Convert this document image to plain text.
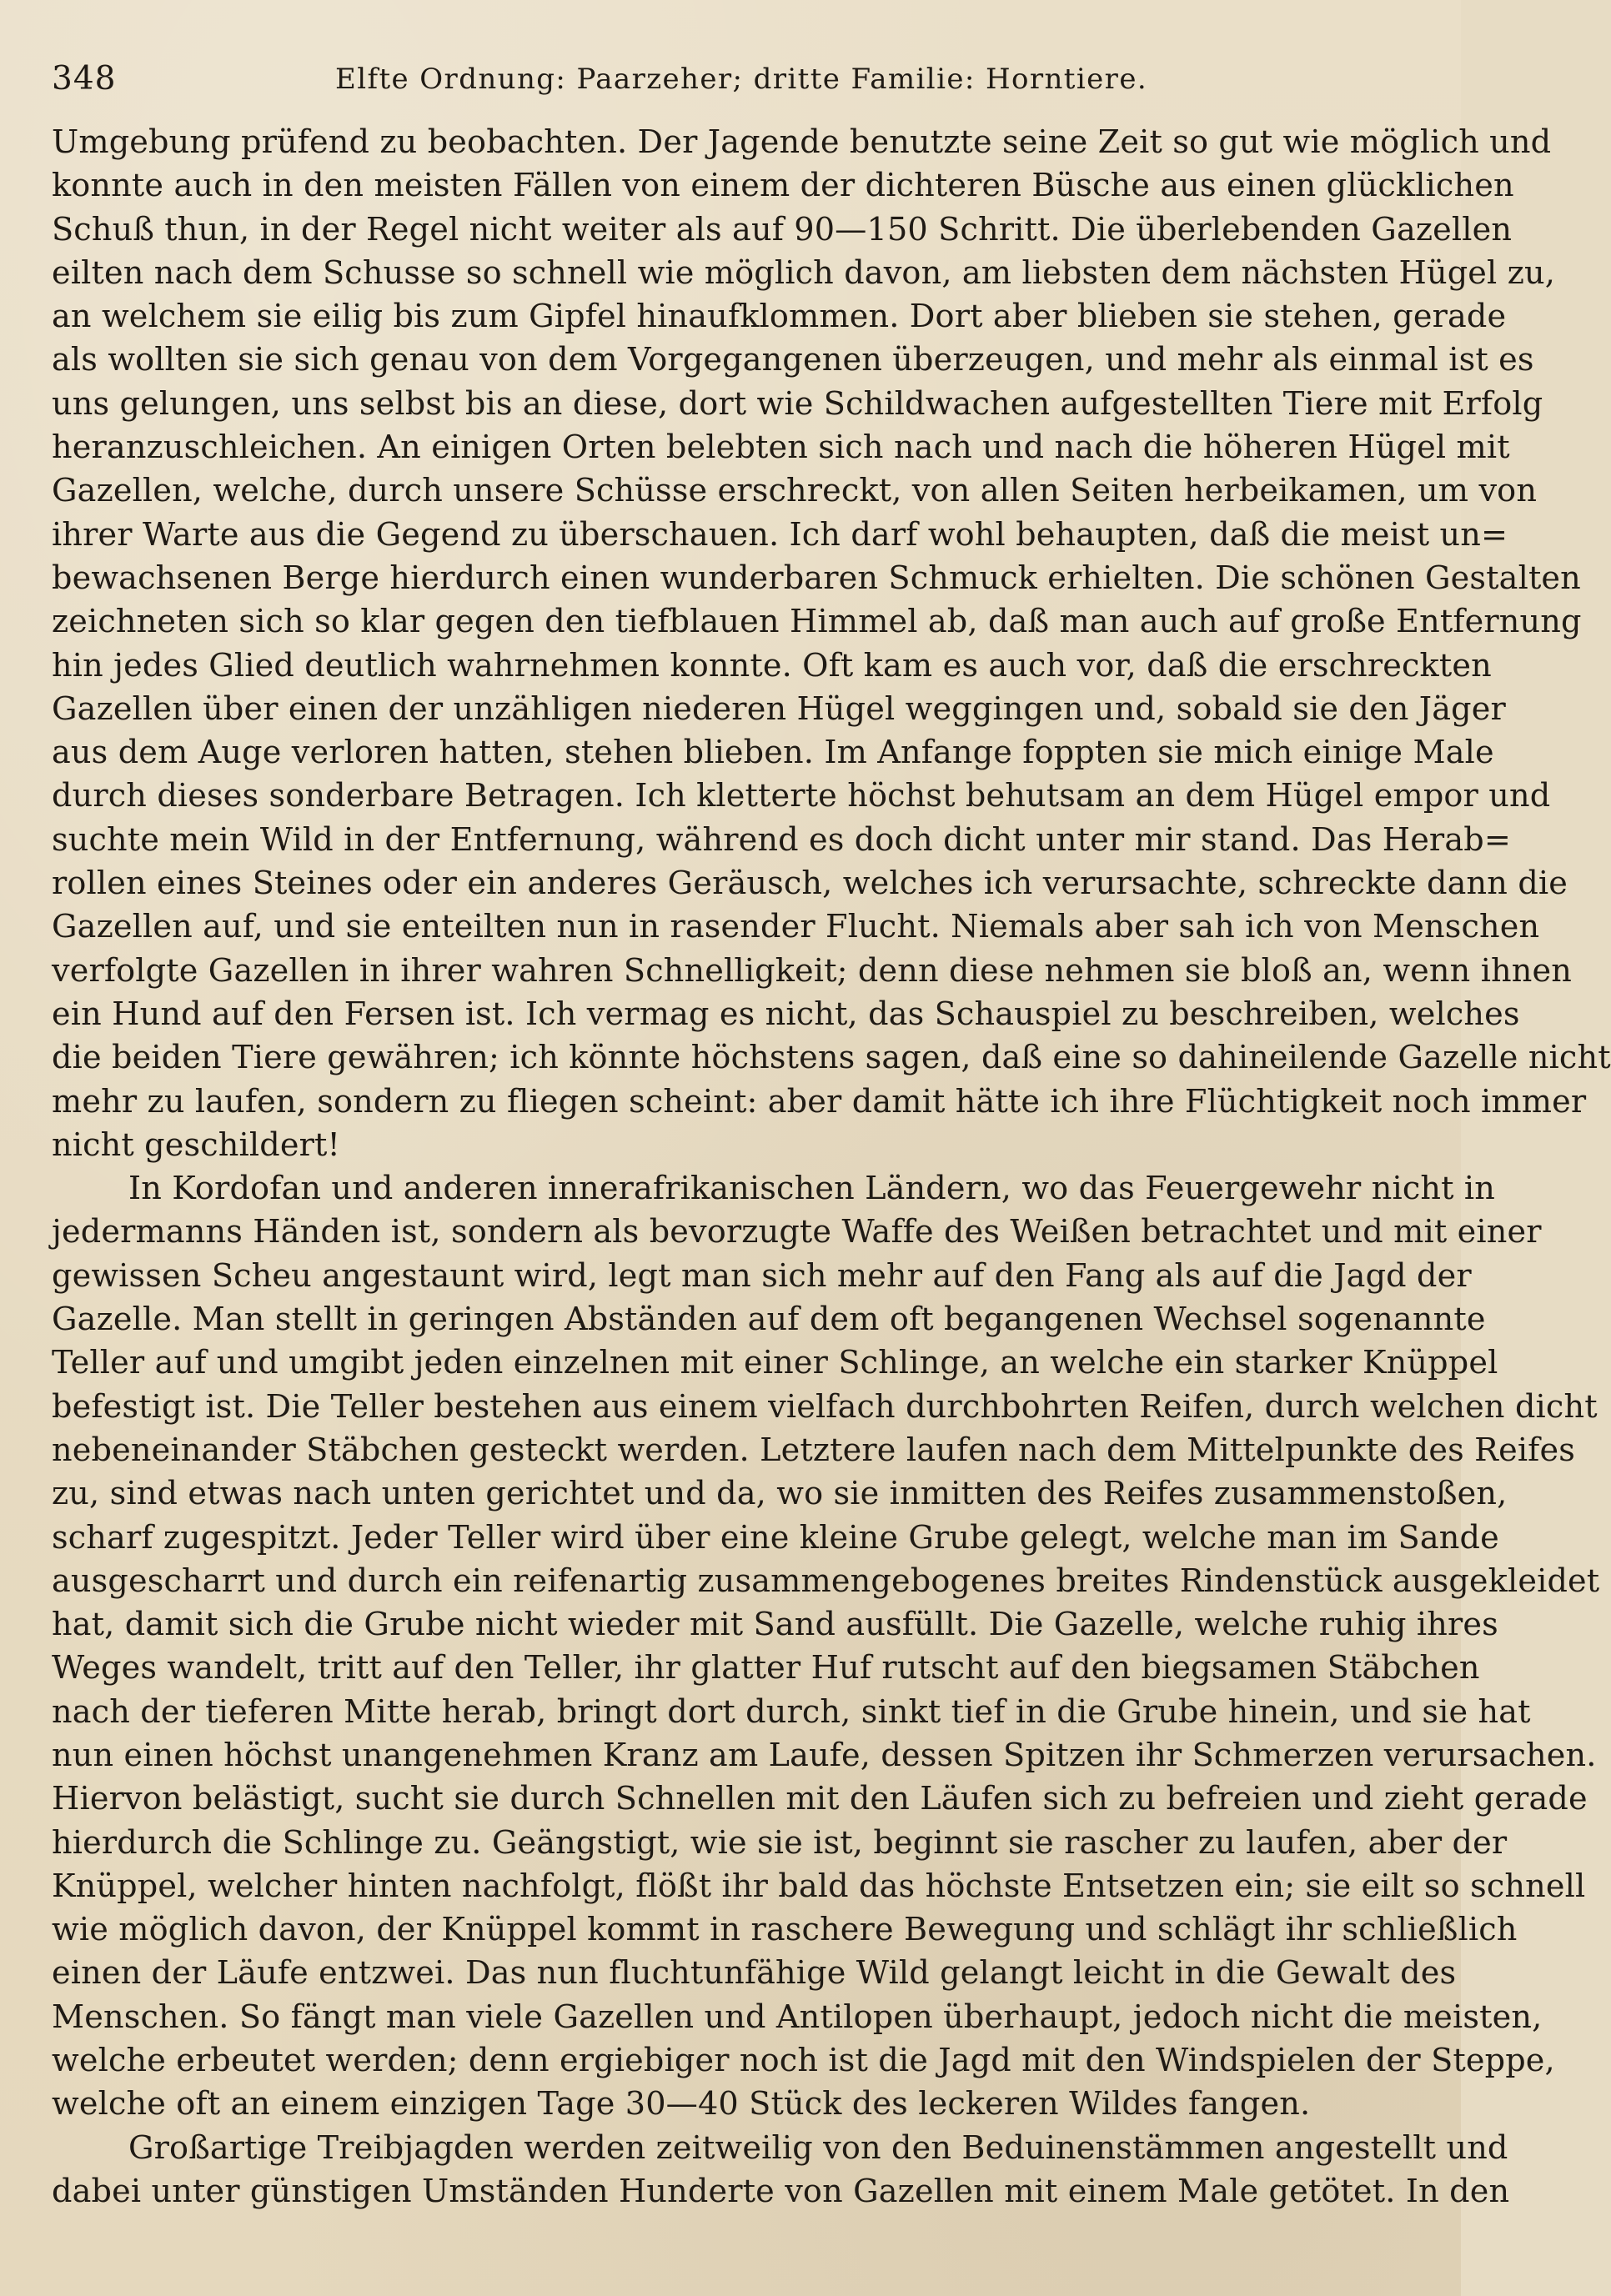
348	Elfte Ordnung: Paarzeher; dritte Familie: Horntiere.
Umgebung prüfend zu beobachten. Der Jagende benutzte seine Zeit so gut wie möglich und
konnte auch in den meisten Fällen von einem der dichteren Büsche aus einen glücklichen
Schuß thun, in der Regel nicht weiter als auf 90—150 Schritt. Die überlebenden Gazellen
eilten nach dem Schusse so schnell wie möglich davon, am liebsten dem nächsten Hügel zu,
an welchem sie eilig bis zum Gipfel hinaufklommen. Dort aber blieben sie stehen, gerade
als wollten sie sich genau von dem Vorgegangenen überzeugen, und mehr als einmal ist es
uns gelungen, uns selbst bis an diese, dort wie Schildwachen aufgestellten Tiere mit Erfolg
heranzuschleichen. An einigen Orten belebten sich nach und nach die höheren Hügel mit
Gazellen, welche, durch unsere Schüsse erschreckt, von allen Seiten herbeikamen, um von
ihrer Warte aus die Gegend zu überschauen. Ich darf wohl behaupten, daß die meist un=
bewachsenen Berge hierdurch einen wunderbaren Schmuck erhielten. Die schönen Gestalten
zeichneten sich so klar gegen den tiefblauen Himmel ab, daß man auch auf große Entfernung
hin jedes Glied deutlich wahrnehmen konnte. Oft kam es auch vor, daß die erschreckten
Gazellen über einen der unzähligen niederen Hügel weggingen und, sobald sie den Jäger
aus dem Auge verloren hatten, stehen blieben. Im Anfange foppten sie mich einige Male
durch dieses sonderbare Betragen. Ich kletterte höchst behutsam an dem Hügel empor und
suchte mein Wild in der Entfernung, während es doch dicht unter mir stand. Das Herab=
rollen eines Steines oder ein anderes Geräusch, welches ich verursachte, schreckte dann die
Gazellen auf, und sie enteilten nun in rasender Flucht. Niemals aber sah ich von Menschen
verfolgte Gazellen in ihrer wahren Schnelligkeit; denn diese nehmen sie bloß an, wenn ihnen
ein Hund auf den Fersen ist. Ich vermag es nicht, das Schauspiel zu beschreiben, welches
die beiden Tiere gewähren; ich könnte höchstens sagen, daß eine so dahineilende Gazelle nicht
mehr zu laufen, sondern zu fliegen scheint: aber damit hätte ich ihre Flüchtigkeit noch immer
nicht geschildert!
In Kordofan und anderen innerafrikanischen Ländern, wo das Feuergewehr nicht in
jedermanns Händen ist, sondern als bevorzugte Waffe des Weißen betrachtet und mit einer
gewissen Scheu angestaunt wird, legt man sich mehr auf den Fang als auf die Jagd der
Gazelle. Man stellt in geringen Abständen auf dem oft begangenen Wechsel sogenannte
Teller auf und umgibt jeden einzelnen mit einer Schlinge, an welche ein starker Knüppel
befestigt ist. Die Teller bestehen aus einem vielfach durchbohrten Reifen, durch welchen dicht
nebeneinander Stäbchen gesteckt werden. Letztere laufen nach dem Mittelpunkte des Reifes
zu, sind etwas nach unten gerichtet und da, wo sie inmitten des Reifes zusammenstoßen,
scharf zugespitzt. Jeder Teller wird über eine kleine Grube gelegt, welche man im Sande
ausgescharrt und durch ein reifenartig zusammengebogenes breites Rindenstück ausgekleidet
hat, damit sich die Grube nicht wieder mit Sand ausfüllt. Die Gazelle, welche ruhig ihres
Weges wandelt, tritt auf den Teller, ihr glatter Huf rutscht auf den biegsamen Stäbchen
nach der tieferen Mitte herab, bringt dort durch, sinkt tief in die Grube hinein, und sie hat
nun einen höchst unangenehmen Kranz am Laufe, dessen Spitzen ihr Schmerzen verursachen.
Hiervon belästigt, sucht sie durch Schnellen mit den Läufen sich zu befreien und zieht gerade
hierdurch die Schlinge zu. Geängstigt, wie sie ist, beginnt sie rascher zu laufen, aber der
Knüppel, welcher hinten nachfolgt, flößt ihr bald das höchste Entsetzen ein; sie eilt so schnell
wie möglich davon, der Knüppel kommt in raschere Bewegung und schlägt ihr schließlich
einen der Läufe entzwei. Das nun fluchtunfähige Wild gelangt leicht in die Gewalt des
Menschen. So fängt man viele Gazellen und Antilopen überhaupt, jedoch nicht die meisten,
welche erbeutet werden; denn ergiebiger noch ist die Jagd mit den Windspielen der Steppe,
welche oft an einem einzigen Tage 30—40 Stück des leckeren Wildes fangen.
Großartige Treibjagden werden zeitweilig von den Beduinenstämmen angestellt und
dabei unter günstigen Umständen Hunderte von Gazellen mit einem Male getötet. In den
